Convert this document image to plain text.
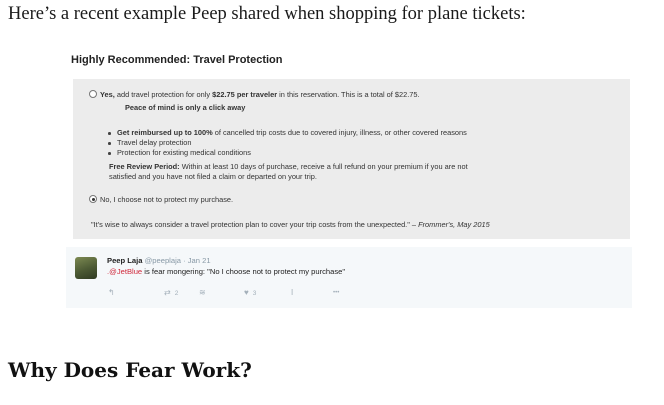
Here’s a recent example Peep shared when shopping for plane tickets:

Highly Recommended: Travel Protection
Yes, add travel protection for only $22.75 per traveler in this reservation. This is a total of $22.75.
Peace of mind is only a click away
Get reimbursed up to 100% of cancelled trip costs due to covered injury, illness, or other covered reasons
Travel delay protection
Protection for existing medical conditions
Free Review Period: Within at least 10 days of purchase, receive a full refund on your premium if you are not satisfied and you have not filed a claim or departed on your trip.
No, I choose not to protect my purchase.
"It's wise to always consider a travel protection plan to cover your trip costs from the unexpected." – Frommer's, May 2015
Peep Laja @peeplaja · Jan 21
.@JetBlue is fear mongering: "No I choose not to protect my purchase"
↰	⇄ 2	≋	♥ 3	I	•••
Why Does Fear Work?
